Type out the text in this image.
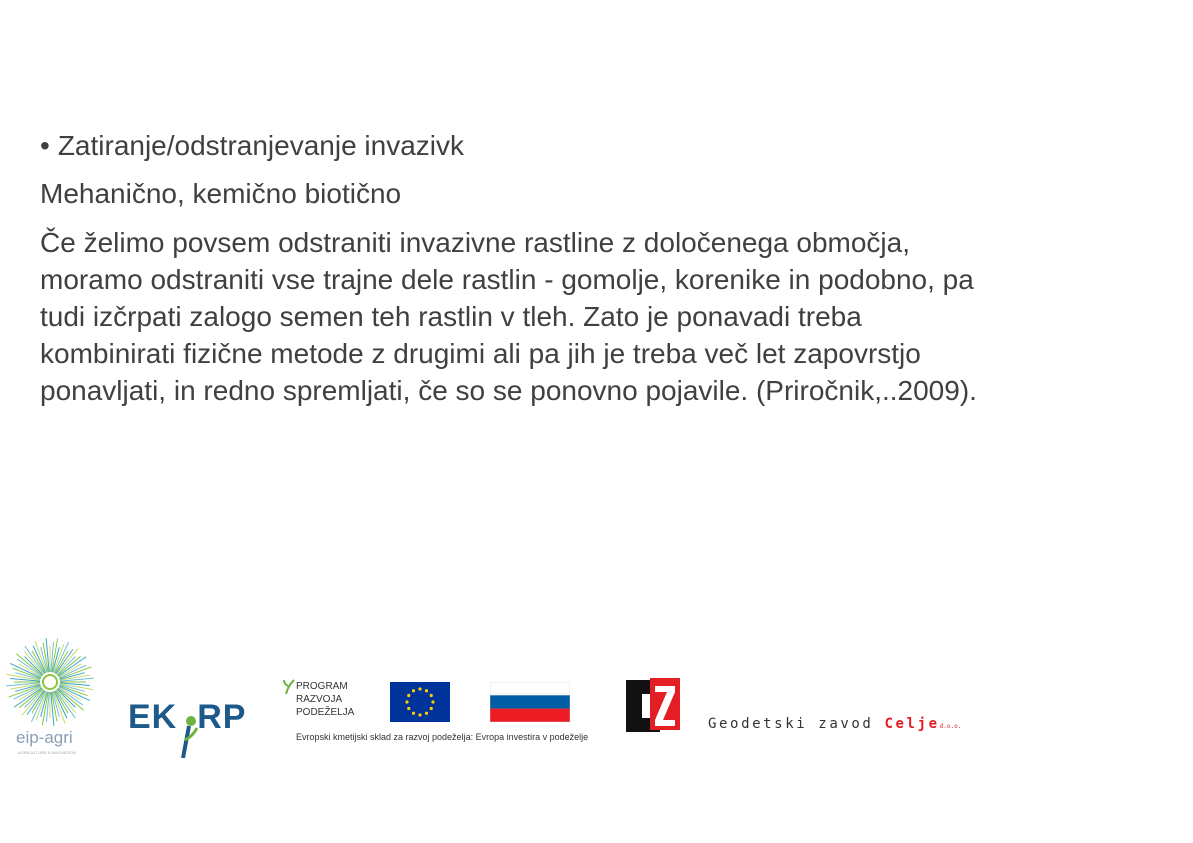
• Zatiranje/odstranjevanje invazivk

Mehanično, kemično biotično

Če želimo povsem odstraniti invazivne rastline z določenega območja,
moramo odstraniti vse trajne dele rastlin - gomolje, korenike in podobno, pa
tudi izčrpati zalogo semen teh rastlin v tleh. Zato je ponavadi treba
kombinirati fizične metode z drugimi ali pa jih je treba več let zapovrstjo
ponavljati, in redno spremljati, če so se ponovno pojavile. (Priročnik,..2009).

eip-agri
AGRICULTURE & INNOVATION
EK RP
PROGRAM
RAZVOJA
PODEŽELJA
Evropski kmetijski sklad za razvoj podeželja: Evropa investira v podeželje
Geodetski zavod Celjed.o.o.
